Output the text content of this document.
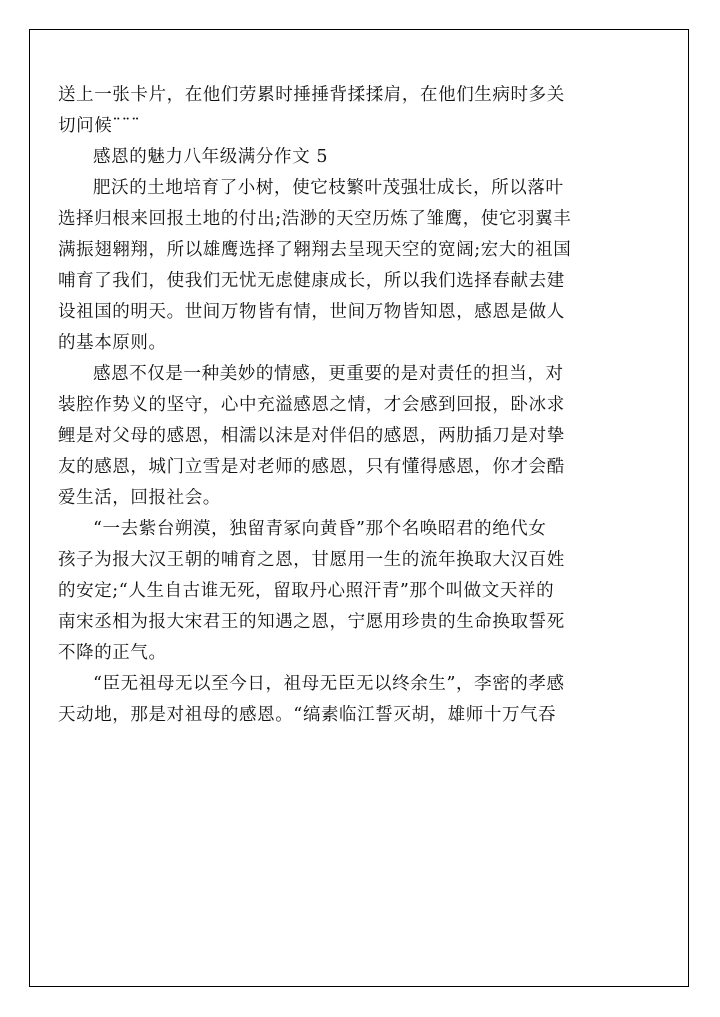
送上一张卡片，在他们劳累时捶捶背揉揉肩，在他们生病时多关
切问候¨¨¨

感恩的魅力八年级满分作文 5

肥沃的土地培育了小树，使它枝繁叶茂强壮成长，所以落叶
选择归根来回报土地的付出;浩渺的天空历炼了雏鹰，使它羽翼丰
满振翅翱翔，所以雄鹰选择了翱翔去呈现天空的宽阔;宏大的祖国
哺育了我们，使我们无忧无虑健康成长，所以我们选择春献去建
设祖国的明天。世间万物皆有情，世间万物皆知恩，感恩是做人
的基本原则。

感恩不仅是一种美妙的情感，更重要的是对责任的担当，对
装腔作势义的坚守，心中充溢感恩之情，才会感到回报，卧冰求
鲤是对父母的感恩，相濡以沫是对伴侣的感恩，两肋插刀是对挚
友的感恩，城门立雪是对老师的感恩，只有懂得感恩，你才会酷
爱生活，回报社会。

“一去紫台朔漠，独留青冢向黄昏”那个名唤昭君的绝代女
孩子为报大汉王朝的哺育之恩，甘愿用一生的流年换取大汉百姓
的安定;“人生自古谁无死，留取丹心照汗青”那个叫做文天祥的
南宋丞相为报大宋君王的知遇之恩，宁愿用珍贵的生命换取誓死
不降的正气。

“臣无祖母无以至今日，祖母无臣无以终余生”，李密的孝感
天动地，那是对祖母的感恩。“缟素临江誓灭胡，雄师十万气吞
